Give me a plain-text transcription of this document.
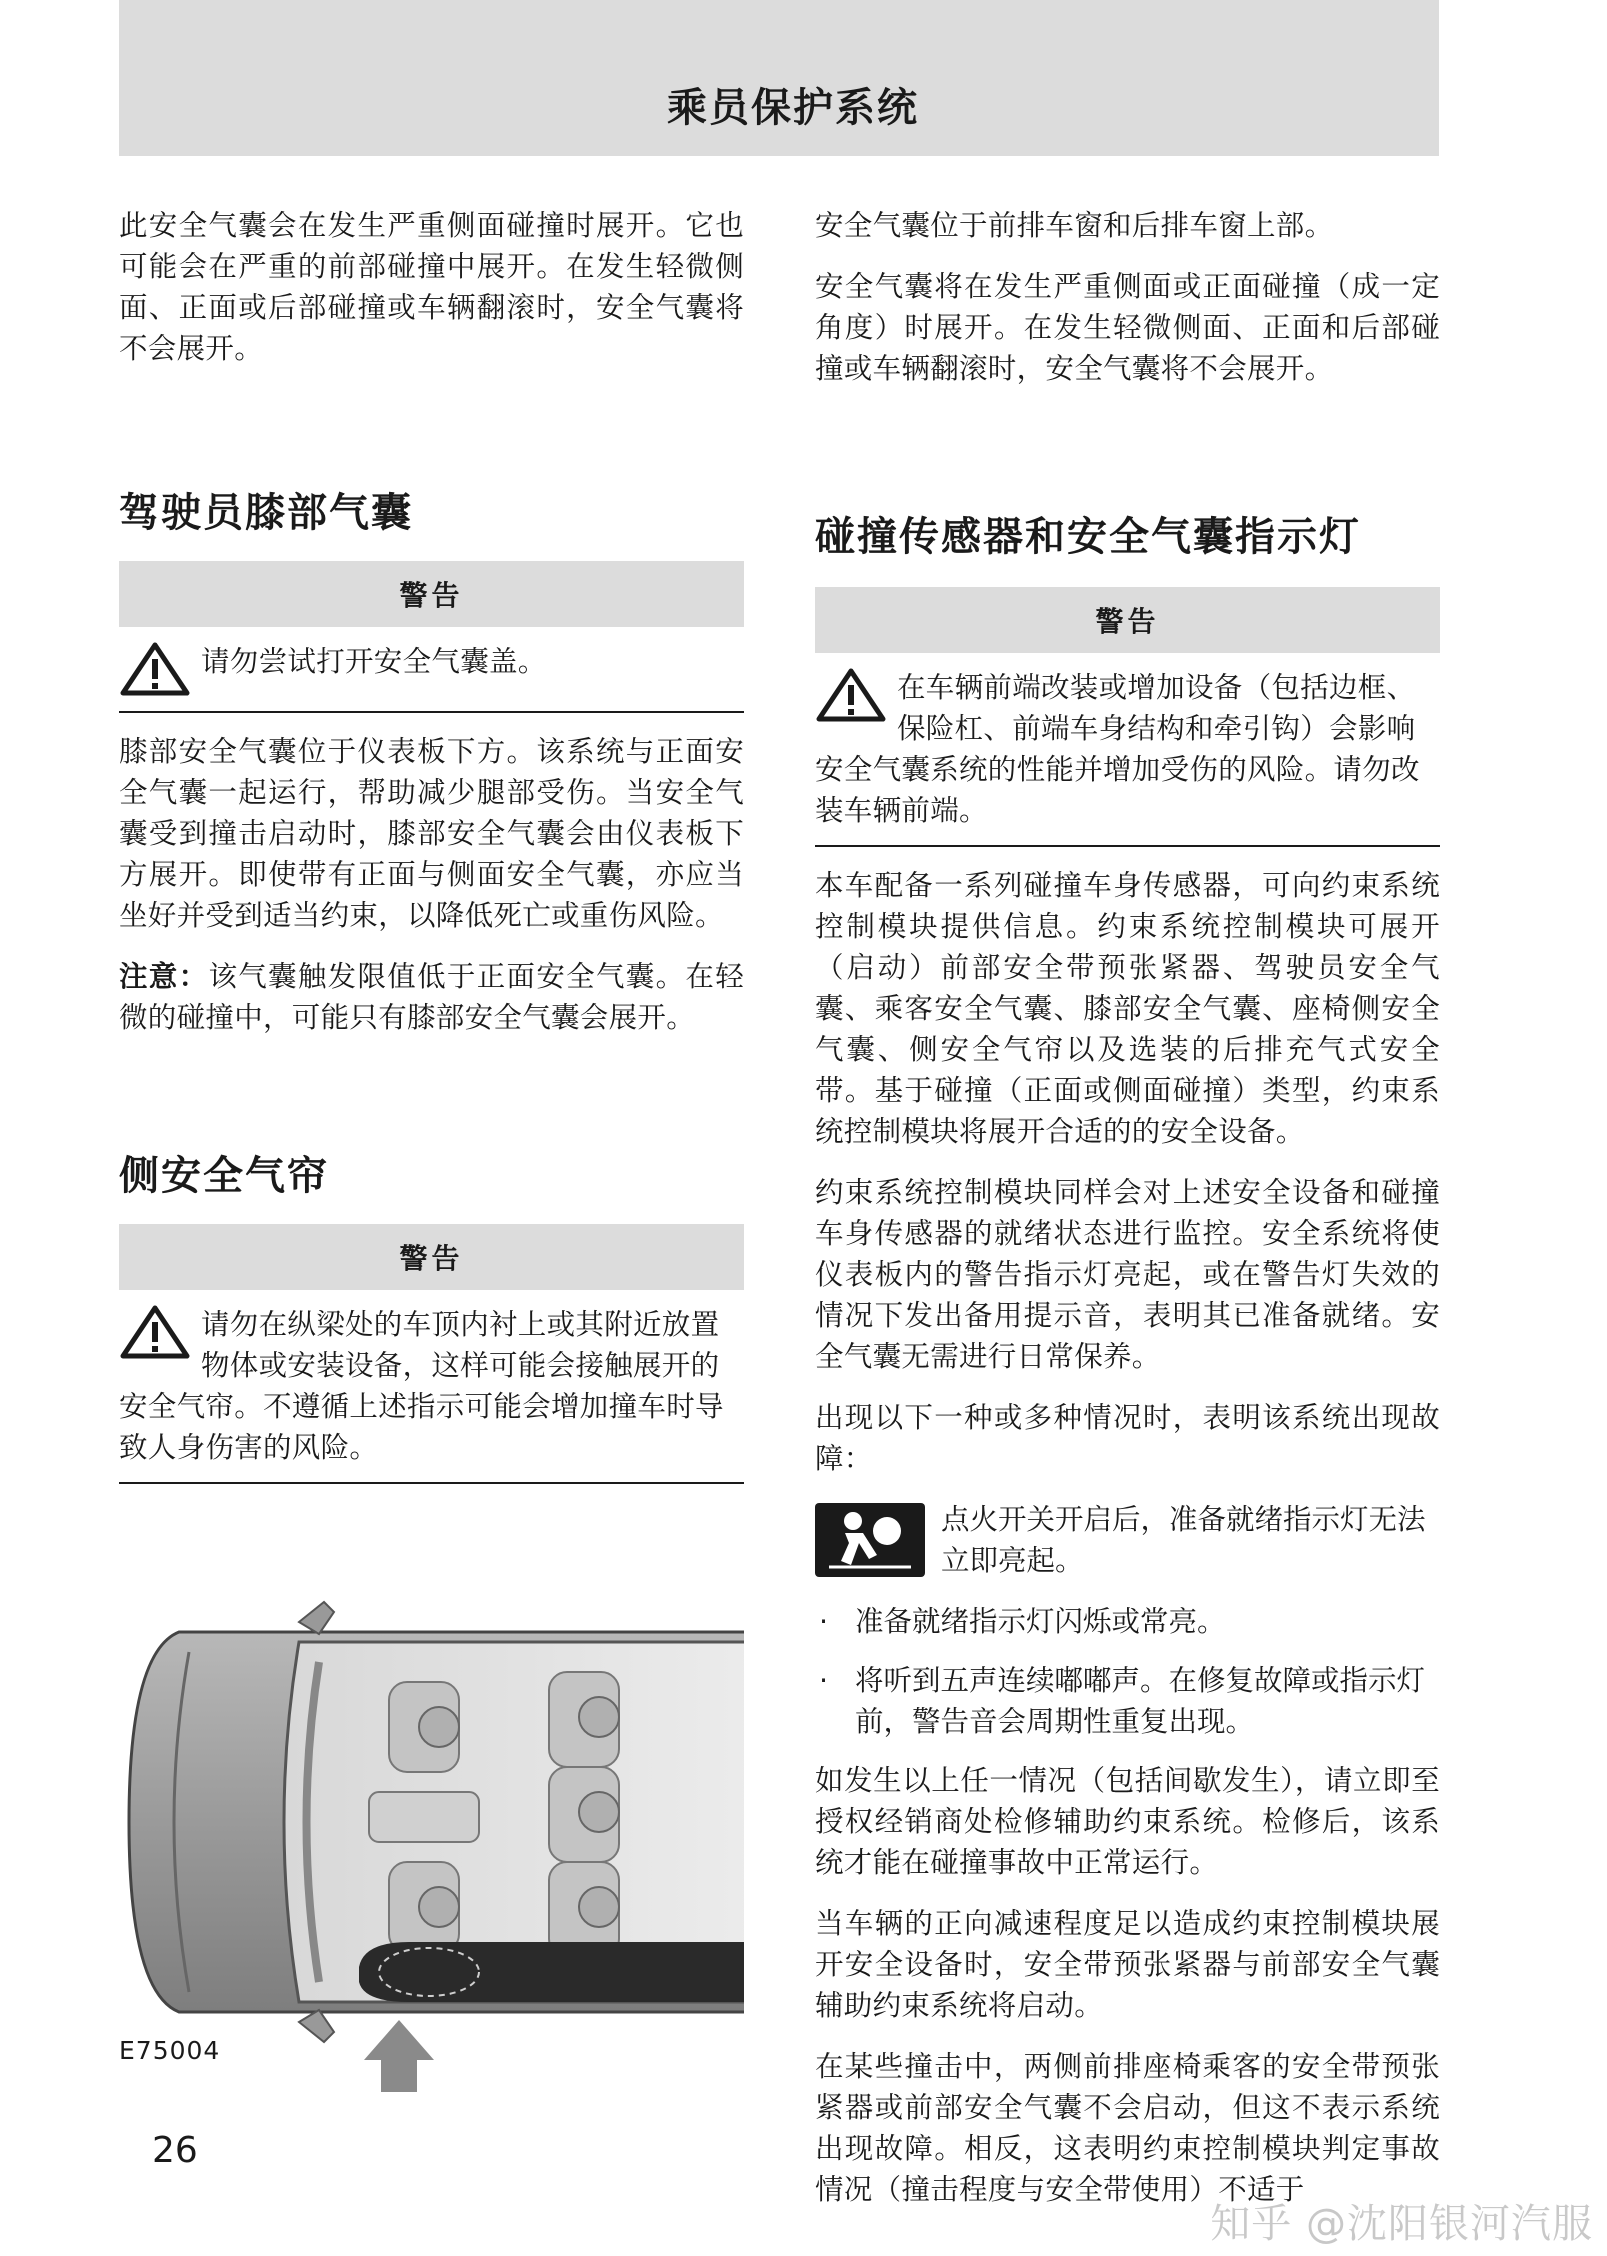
乘员保护系统

此安全气囊会在发生严重侧面碰撞时展开。它也可能会在严重的前部碰撞中展开。在发生轻微侧面、正面或后部碰撞或车辆翻滚时，安全气囊将不会展开。

驾驶员膝部气囊
警告
请勿尝试打开安全气囊盖。

膝部安全气囊位于仪表板下方。该系统与正面安全气囊一起运行，帮助减少腿部受伤。当安全气囊受到撞击启动时，膝部安全气囊会由仪表板下方展开。即使带有正面与侧面安全气囊，亦应当坐好并受到适当约束，以降低死亡或重伤风险。

注意：该气囊触发限值低于正面安全气囊。在轻微的碰撞中，可能只有膝部安全气囊会展开。

侧安全气帘
警告
请勿在纵梁处的车顶内衬上或其附近放置物体或安装设备，这样可能会接触展开的安全气帘。不遵循上述指示可能会增加撞车时导致人身伤害的风险。
E75004

安全气囊位于前排车窗和后排车窗上部。

安全气囊将在发生严重侧面或正面碰撞（成一定角度）时展开。在发生轻微侧面、正面和后部碰撞或车辆翻滚时，安全气囊将不会展开。

碰撞传感器和安全气囊指示灯
警告
在车辆前端改装或增加设备（包括边框、保险杠、前端车身结构和牵引钩）会影响安全气囊系统的性能并增加受伤的风险。请勿改装车辆前端。

本车配备一系列碰撞车身传感器，可向约束系统控制模块提供信息。约束系统控制模块可展开（启动）前部安全带预张紧器、驾驶员安全气囊、乘客安全气囊、膝部安全气囊、座椅侧安全气囊、侧安全气帘以及选装的后排充气式安全带。基于碰撞（正面或侧面碰撞）类型，约束系统控制模块将展开合适的的安全设备。

约束系统控制模块同样会对上述安全设备和碰撞车身传感器的就绪状态进行监控。安全系统将使仪表板内的警告指示灯亮起，或在警告灯失效的情况下发出备用提示音，表明其已准备就绪。安全气囊无需进行日常保养。

出现以下一种或多种情况时，表明该系统出现故障：

点火开关开启后，准备就绪指示灯无法立即亮起。
· 准备就绪指示灯闪烁或常亮。
· 将听到五声连续嘟嘟声。在修复故障或指示灯前，警告音会周期性重复出现。

如发生以上任一情况（包括间歇发生），请立即至授权经销商处检修辅助约束系统。检修后，该系统才能在碰撞事故中正常运行。

当车辆的正向减速程度足以造成约束控制模块展开安全设备时，安全带预张紧器与前部安全气囊辅助约束系统将启动。

在某些撞击中，两侧前排座椅乘客的安全带预张紧器或前部安全气囊不会启动，但这不表示系统出现故障。相反，这表明约束控制模块判定事故情况（撞击程度与安全带使用）不适于

26
知乎 @沈阳银河汽服
